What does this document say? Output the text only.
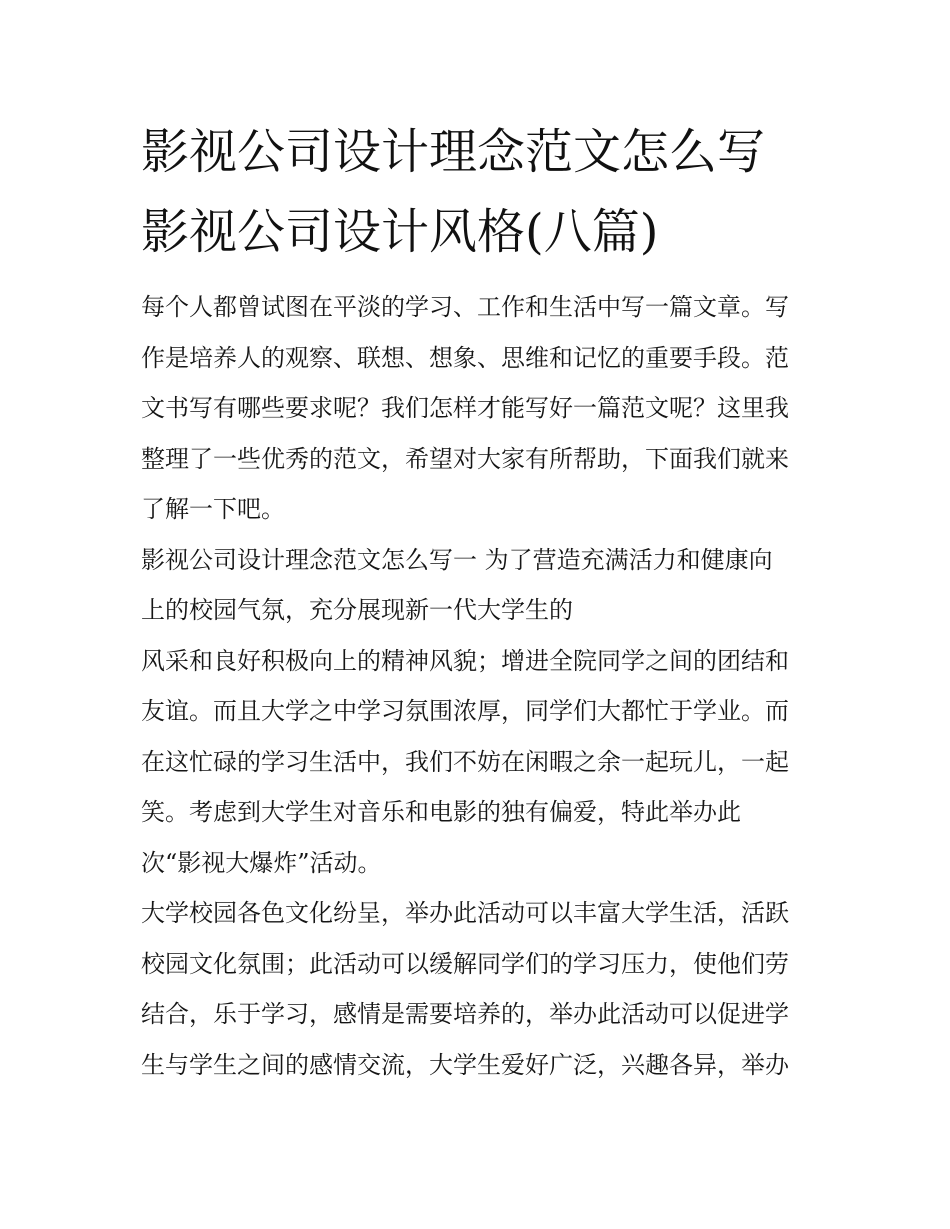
影视公司设计理念范文怎么写
影视公司设计风格(八篇)
每个人都曾试图在平淡的学习、工作和生活中写一篇文章。写
作是培养人的观察、联想、想象、思维和记忆的重要手段。范
文书写有哪些要求呢？我们怎样才能写好一篇范文呢？这里我
整理了一些优秀的范文，希望对大家有所帮助，下面我们就来
了解一下吧。
影视公司设计理念范文怎么写一 为了营造充满活力和健康向
上的校园气氛，充分展现新一代大学生的
风采和良好积极向上的精神风貌；增进全院同学之间的团结和
友谊。而且大学之中学习氛围浓厚，同学们大都忙于学业。而
在这忙碌的学习生活中，我们不妨在闲暇之余一起玩儿，一起
笑。考虑到大学生对音乐和电影的独有偏爱，特此举办此
次“影视大爆炸”活动。
大学校园各色文化纷呈，举办此活动可以丰富大学生活，活跃
校园文化氛围；此活动可以缓解同学们的学习压力，使他们劳
结合，乐于学习，感情是需要培养的，举办此活动可以促进学
生与学生之间的感情交流，大学生爱好广泛，兴趣各异，举办
